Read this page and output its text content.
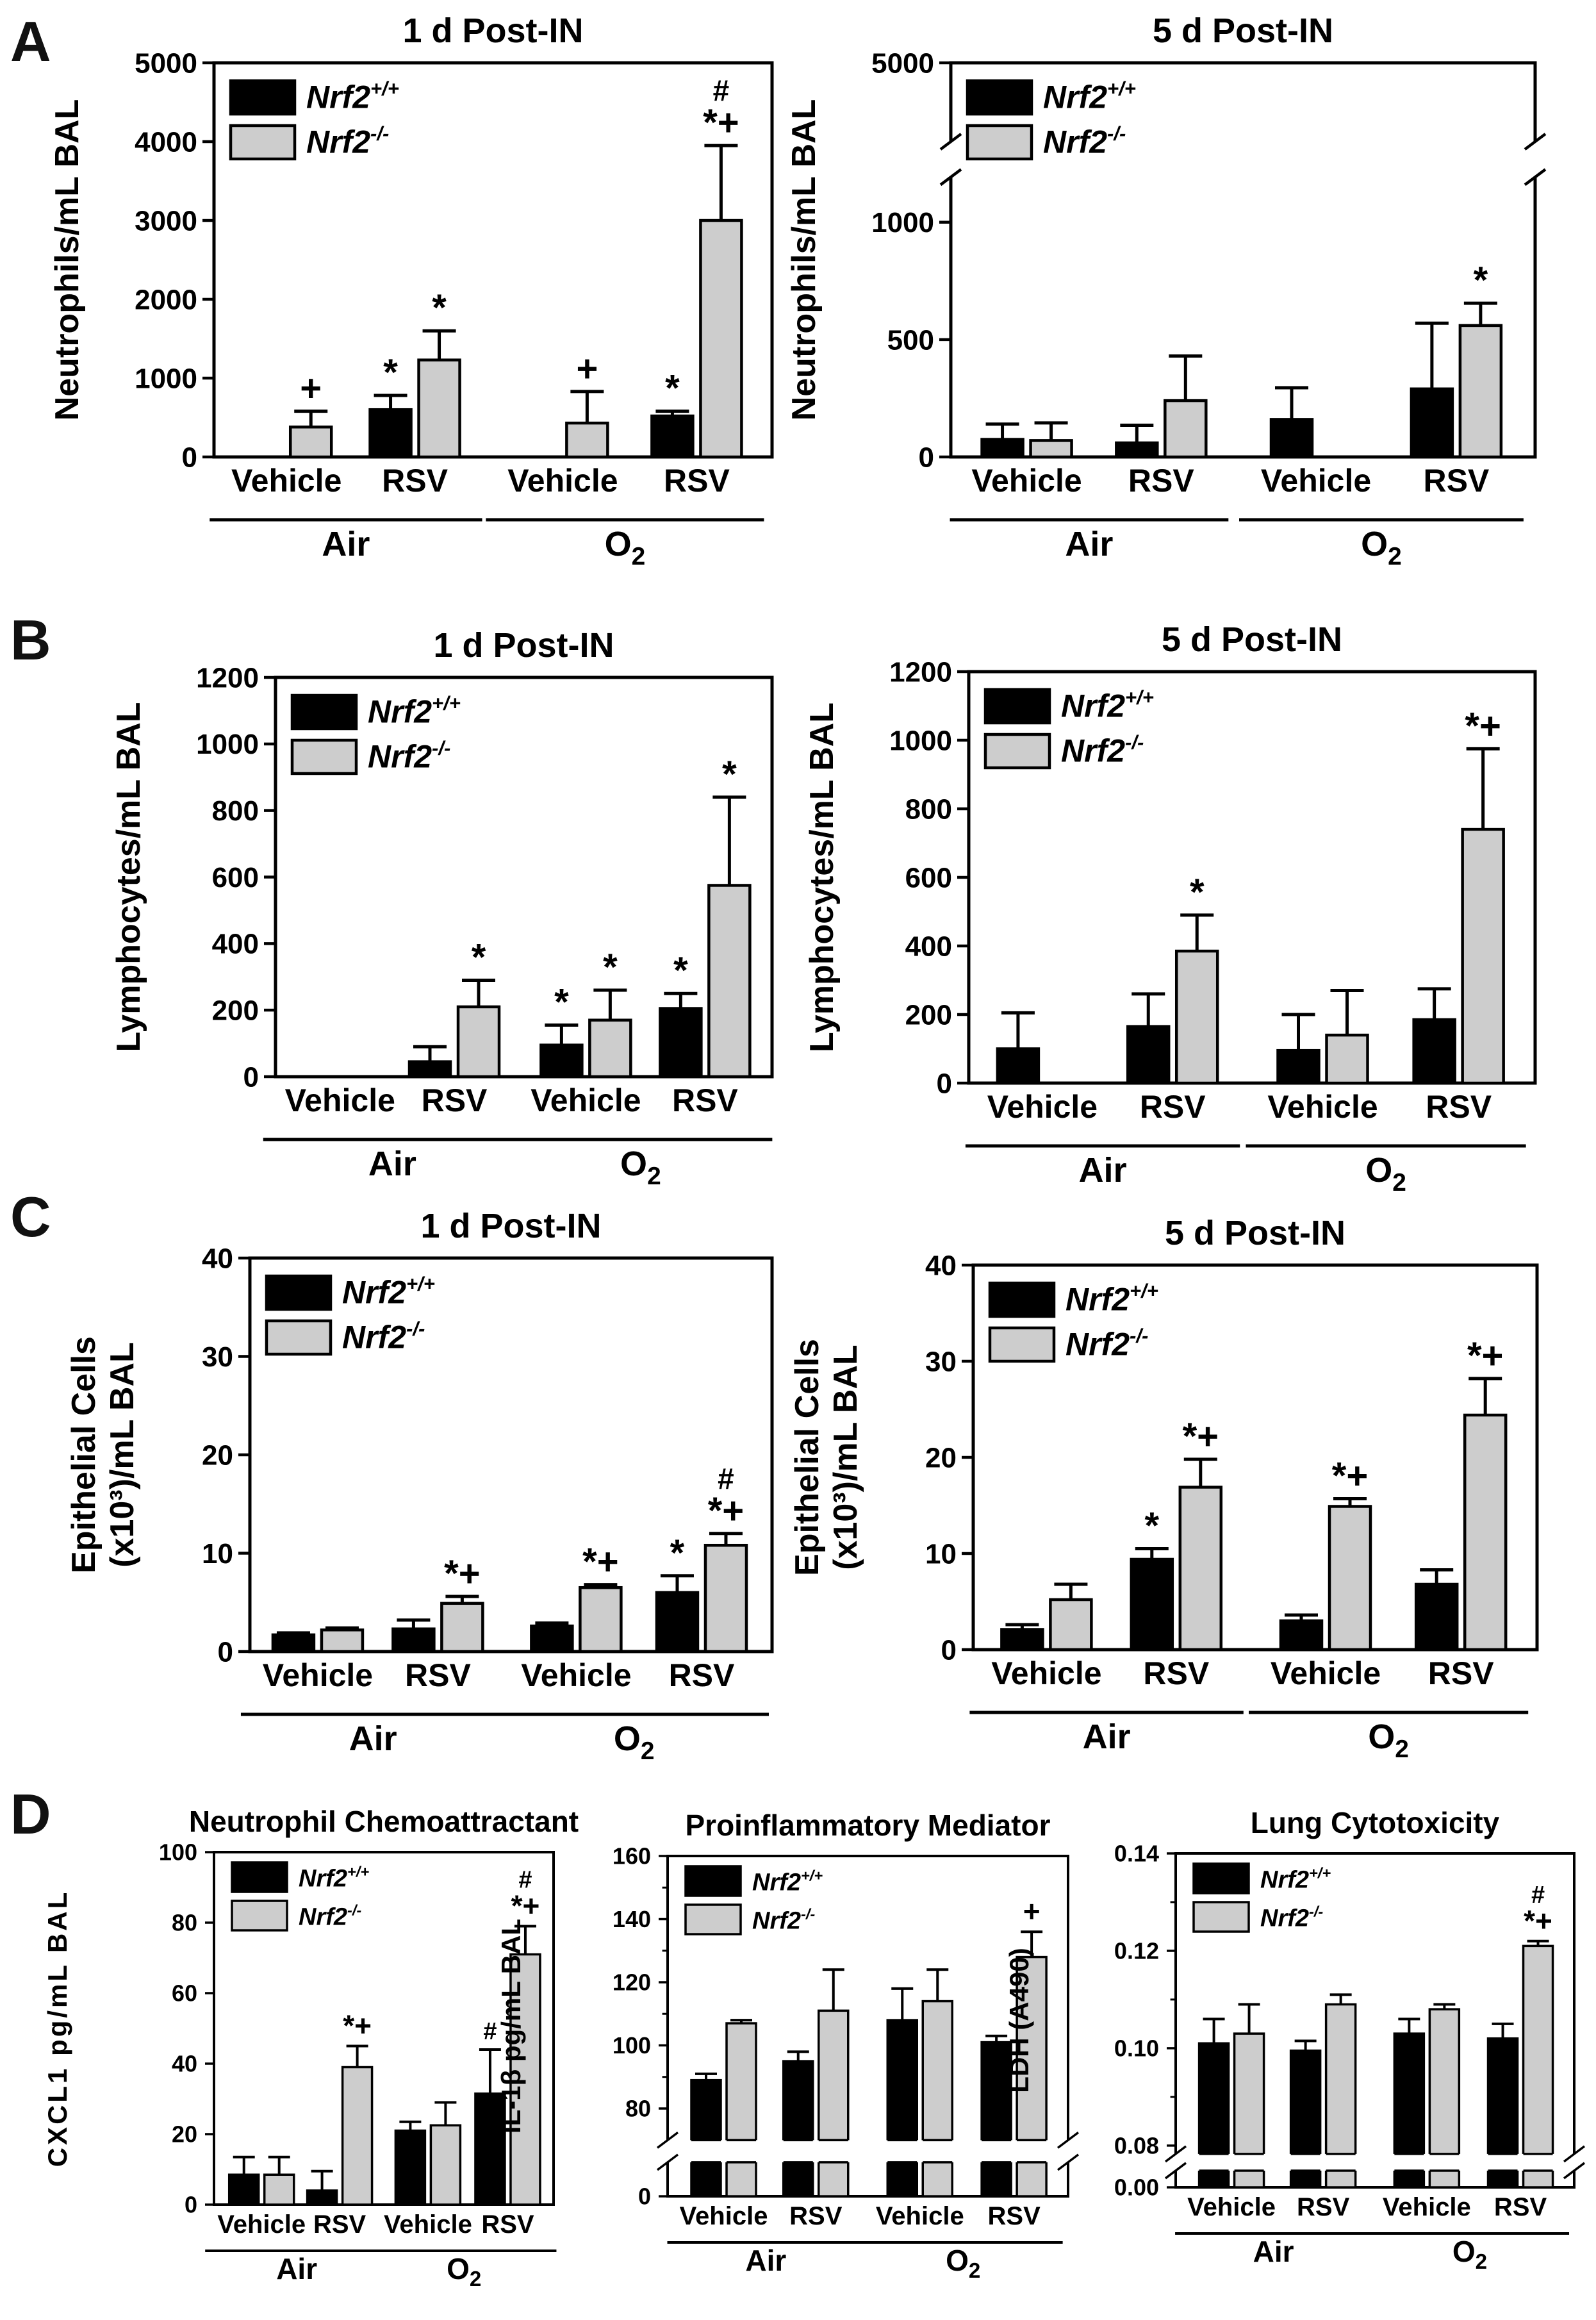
A
B
C
D
1 d Post-IN
Neutrophils/mL BAL
0
1000
2000
3000
4000
5000
*	*
+
*
+
#
*+
Vehicle RSV Vehicle RSV
Air	$O_2$
Nrf2+/+
Nrf2-/-
5 d Post-IN
Neutrophils/mL BAL
0
500
1000
5000
*
Vehicle RSV Vehicle RSV
Air	$O_2$
Nrf2+/+
Nrf2-/-
1 d Post-IN
Lymphocytes/mL BAL
0
200
400
600
800
1000
1200
*
*
*	*
*
Vehicle RSV Vehicle RSV
Air	$O_2$
Nrf2+/+
Nrf2-/-
5 d Post-IN
Lymphocytes/mL BAL
0
200
400
600
800
1000
1200
*
*+
Vehicle RSV Vehicle RSV
Air	$O_2$
Nrf2+/+
Nrf2-/-
1 d Post-IN
Epithelial Cells(x10³)/mL BAL
0
10
20
30
40
*
*+	*+
#
*+
Vehicle RSV Vehicle RSV
Air	$O_2$
Nrf2+/+
Nrf2-/-
5 d Post-IN
Epithelial Cells(x10³)/mL BAL
0
10
20
30
40
*
*+
*+
*+
Vehicle RSV Vehicle RSV
Air	$O_2$
Nrf2+/+
Nrf2-/-
Neutrophil Chemoattractant
CXCL1 pg/mL BAL
0
20
40
60
80
100
#
*+
#
*+
Vehicle RSV Vehicle RSV
Air	$O_2$
Nrf2+/+
Nrf2-/-
Proinflammatory Mediator
IL-1β pg/mL BAL
0
80
100
120
140
160
+
Vehicle RSV Vehicle RSV
Air	$O_2$
Nrf2+/+
Nrf2-/-
Lung Cytotoxicity
LDH (A490)
0.00
0.08
0.10
0.12
0.14
#
*+
Vehicle RSV Vehicle RSV
Air	$O_2$
Nrf2+/+
Nrf2-/-
